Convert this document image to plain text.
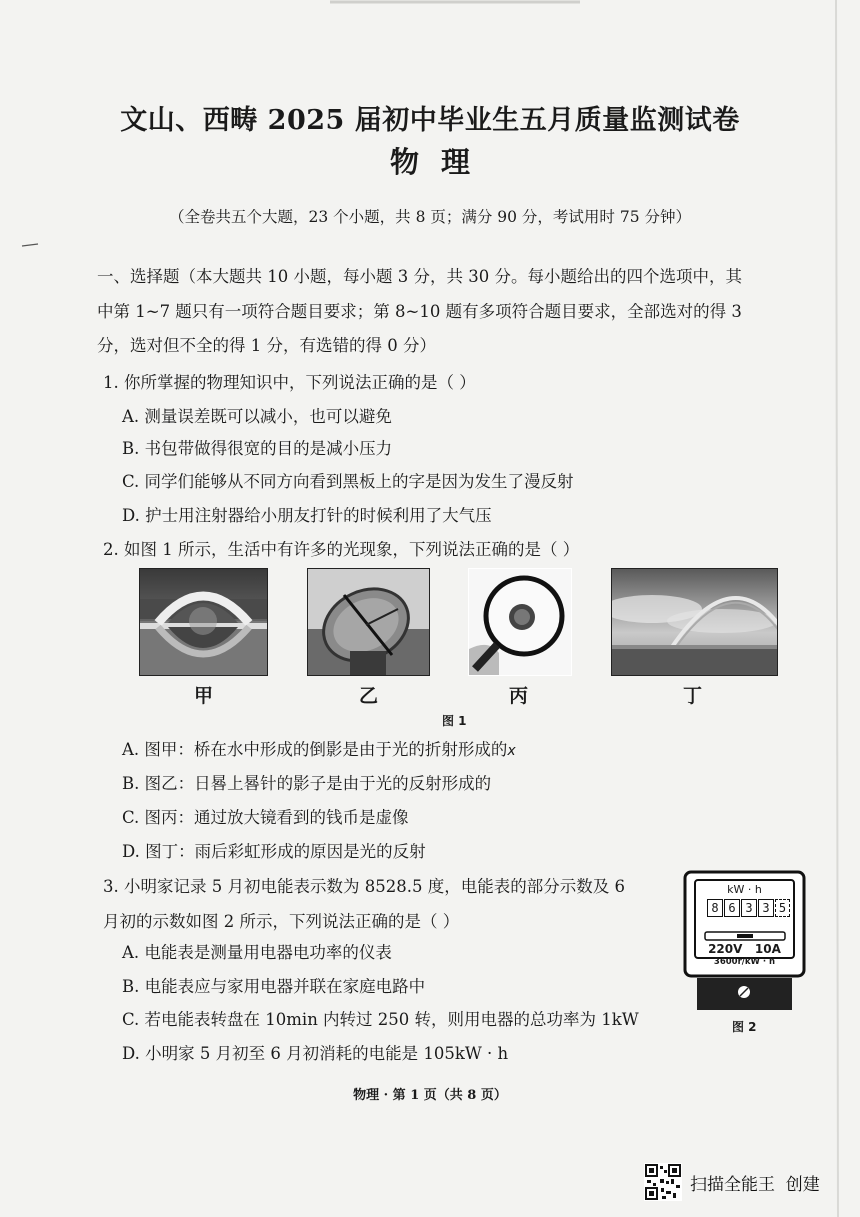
文山、西畴 2025 届初中毕业生五月质量监测试卷
物理
（全卷共五个大题，23 个小题，共 8 页；满分 90 分，考试用时 75 分钟）
一、选择题（本大题共 10 小题，每小题 3 分，共 30 分。每小题给出的四个选项中，其
中第 1~7 题只有一项符合题目要求；第 8~10 题有多项符合题目要求，全部选对的得 3
分，选对但不全的得 1 分，有选错的得 0 分）
1. 你所掌握的物理知识中，下列说法正确的是（ ）
A. 测量误差既可以减小，也可以避免
B. 书包带做得很宽的目的是减小压力
C. 同学们能够从不同方向看到黑板上的字是因为发生了漫反射
D. 护士用注射器给小朋友打针的时候利用了大气压
2. 如图 1 所示，生活中有许多的光现象，下列说法正确的是（ ）
甲	乙	丙	丁
图 1
A. 图甲：桥在水中形成的倒影是由于光的折射形成的x
B. 图乙：日晷上晷针的影子是由于光的反射形成的
C. 图丙：通过放大镜看到的钱币是虚像
D. 图丁：雨后彩虹形成的原因是光的反射
3. 小明家记录 5 月初电能表示数为 8528.5 度，电能表的部分示数及 6
月初的示数如图 2 所示，下列说法正确的是（ ）
A. 电能表是测量用电器电功率的仪表
B. 电能表应与家用电器并联在家庭电路中
C. 若电能表转盘在 10min 内转过 250 转，则用电器的总功率为 1kW
D. 小明家 5 月初至 6 月初消耗的电能是 105kW · h
kW · h
8 6 3 3 5
220V   10A
3600r/kW · h
图 2
物理 · 第 1 页（共 8 页）
扫描全能王  创建
